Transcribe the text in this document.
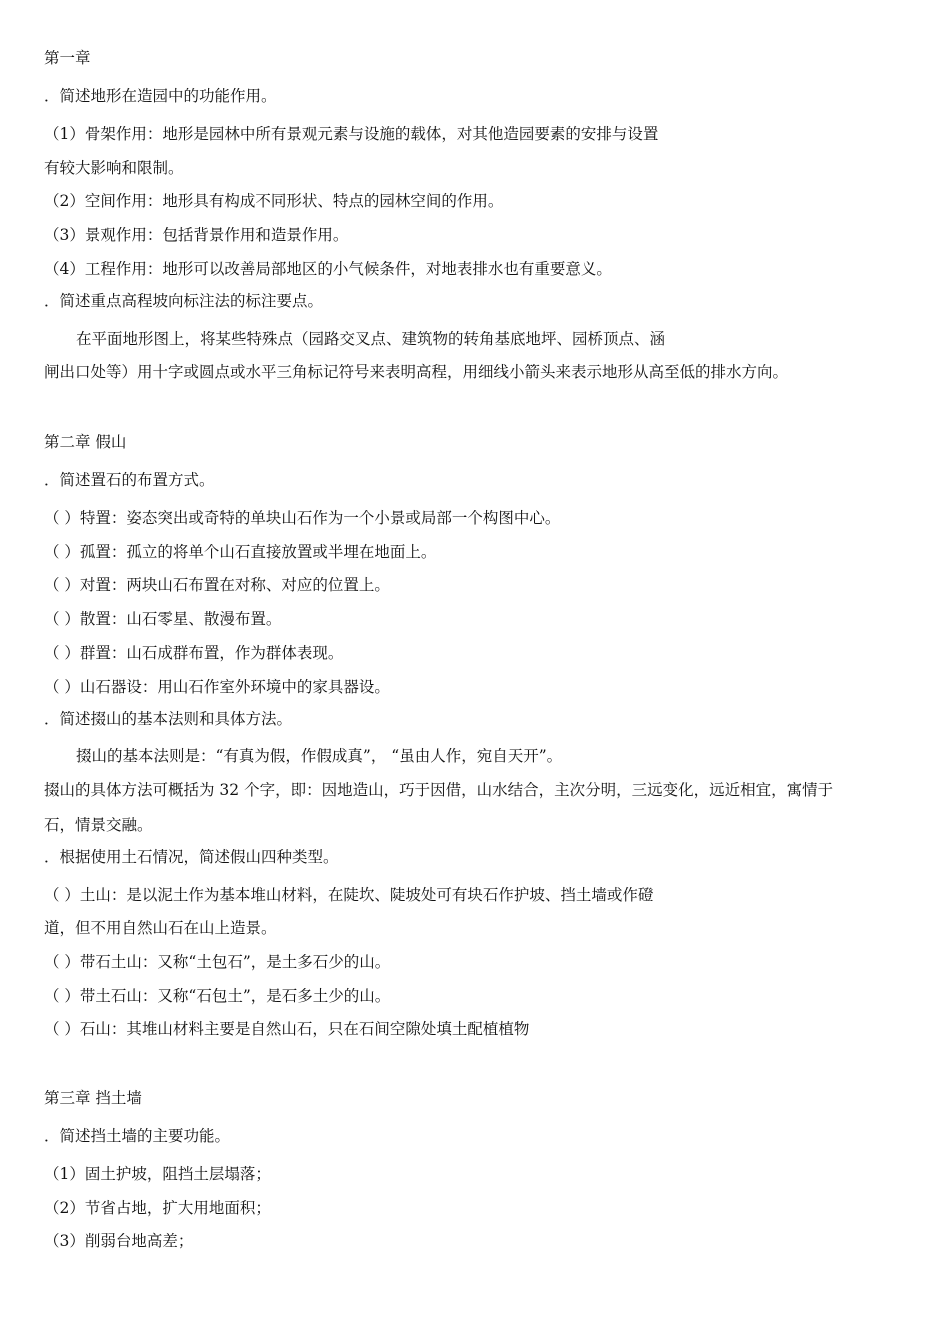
第一章
．简述地形在造园中的功能作用。
（1）骨架作用：地形是园林中所有景观元素与设施的载体，对其他造园要素的安排与设置
有较大影响和限制。
（2）空间作用：地形具有构成不同形状、特点的园林空间的作用。
（3）景观作用：包括背景作用和造景作用。
（4）工程作用：地形可以改善局部地区的小气候条件，对地表排水也有重要意义。
．简述重点高程坡向标注法的标注要点。
在平面地形图上，将某些特殊点（园路交叉点、建筑物的转角基底地坪、园桥顶点、涵
闸出口处等）用十字或圆点或水平三角标记符号来表明高程，用细线小箭头来表示地形从高至低的排水方向。
第二章 假山
．简述置石的布置方式。
（ ）特置：姿态突出或奇特的单块山石作为一个小景或局部一个构图中心。
（ ）孤置：孤立的将单个山石直接放置或半埋在地面上。
（ ）对置：两块山石布置在对称、对应的位置上。
（ ）散置：山石零星、散漫布置。
（ ）群置：山石成群布置，作为群体表现。
（ ）山石器设：用山石作室外环境中的家具器设。
．简述掇山的基本法则和具体方法。
掇山的基本法则是：“有真为假，作假成真”， “虽由人作，宛自天开”。
掇山的具体方法可概括为 32 个字，即：因地造山，巧于因借，山水结合，主次分明，三远变化，远近相宜，寓情于
石，情景交融。
．根据使用土石情况，简述假山四种类型。
（ ）土山：是以泥土作为基本堆山材料，在陡坎、陡坡处可有块石作护坡、挡土墙或作磴
道，但不用自然山石在山上造景。
（ ）带石土山：又称“土包石”，是土多石少的山。
（ ）带土石山：又称“石包土”，是石多土少的山。
（ ）石山：其堆山材料主要是自然山石，只在石间空隙处填土配植植物
第三章 挡土墙
．简述挡土墙的主要功能。
（1）固土护坡，阻挡土层塌落；
（2）节省占地，扩大用地面积；
（3）削弱台地高差；
